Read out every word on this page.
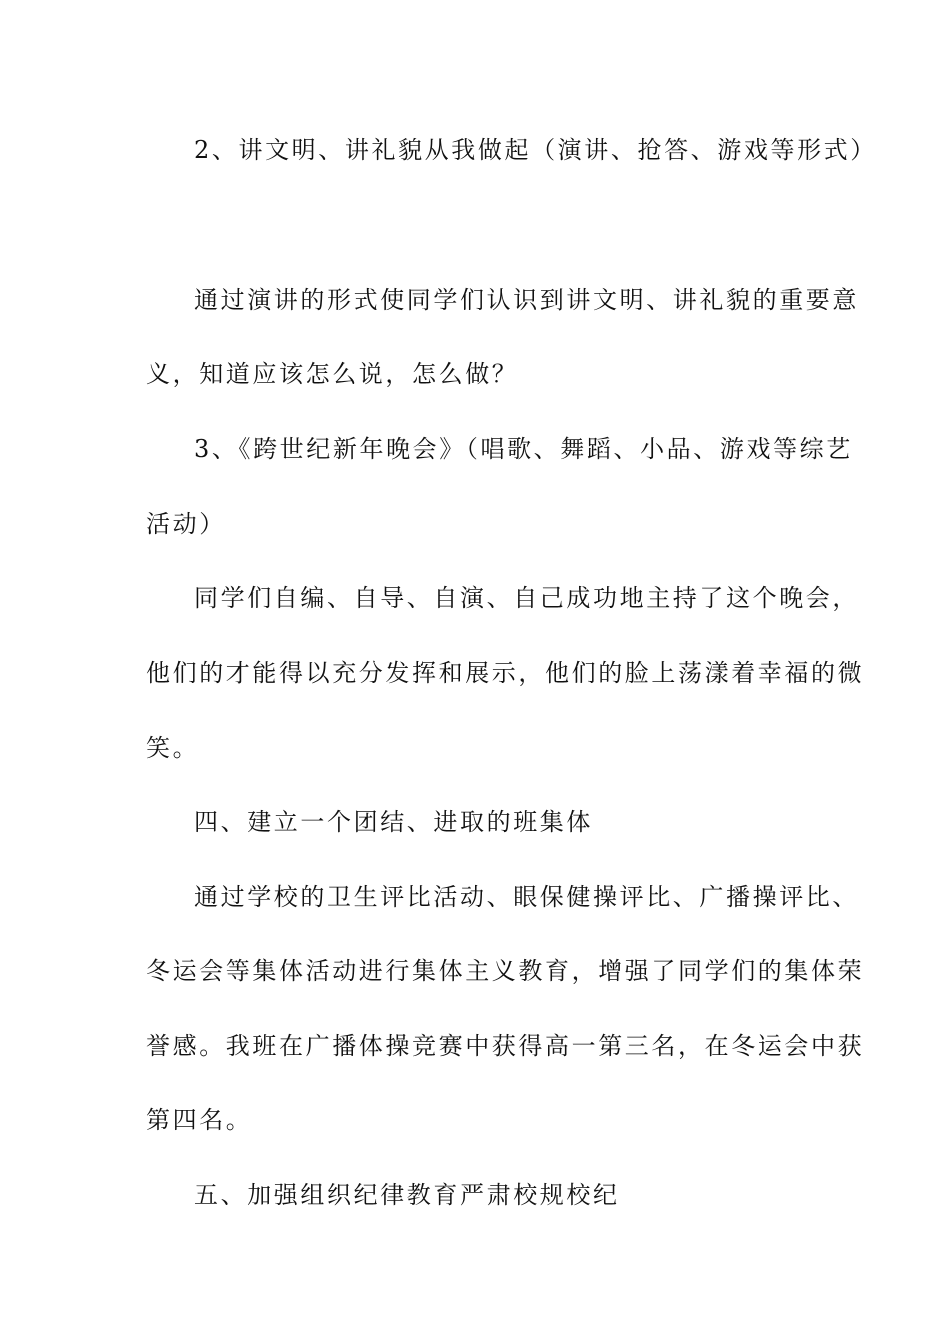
2、讲文明、讲礼貌从我做起（演讲、抢答、游戏等形式）

通过演讲的形式使同学们认识到讲文明、讲礼貌的重要意

义，知道应该怎么说，怎么做？

3、《跨世纪新年晚会》（唱歌、舞蹈、小品、游戏等综艺

活动）

同学们自编、自导、自演、自己成功地主持了这个晚会，

他们的才能得以充分发挥和展示，他们的脸上荡漾着幸福的微

笑。

四、建立一个团结、进取的班集体

通过学校的卫生评比活动、眼保健操评比、广播操评比、

冬运会等集体活动进行集体主义教育，增强了同学们的集体荣

誉感。我班在广播体操竞赛中获得高一第三名，在冬运会中获

第四名。

五、加强组织纪律教育严肃校规校纪
